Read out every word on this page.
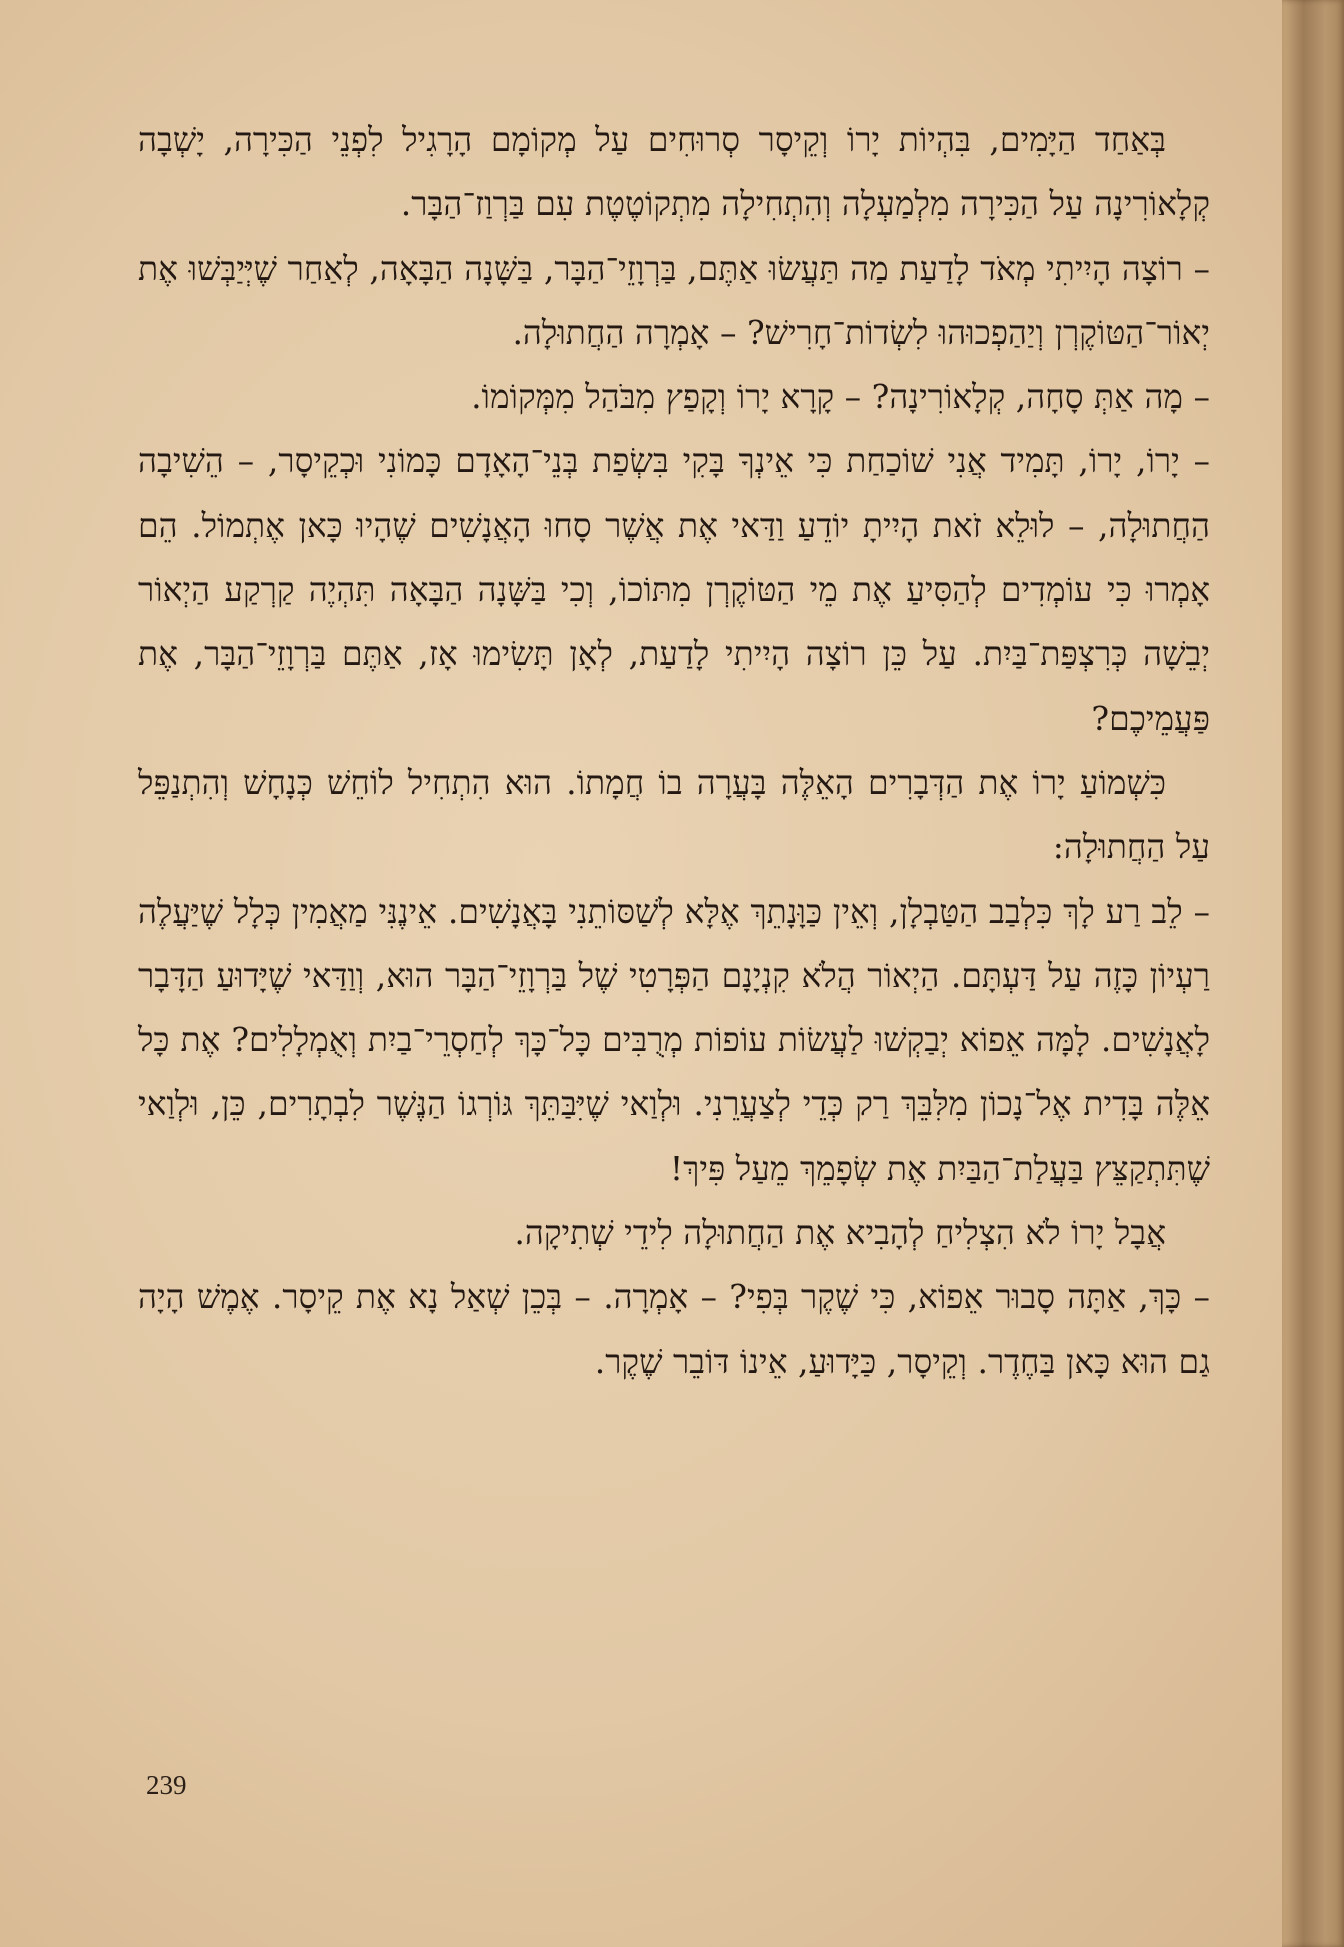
בְּאַחַד הַיָּמִים, בִּהְיוֹת יָרוֹ וְקֵיסָר סְרוּחִים עַל מְקוֹמָם הָרָגִיל לִפְנֵי הַכִּירָה, יָשְׁבָה קְלָאוֹרִינָה עַל הַכִּירָה מִלְמַעְלָה וְהִתְחִילָה מִתְקוֹטֶטֶת עִם בַּרְוַז־הַבָּר.

– רוֹצָה הָיִיתִי מְאֹד לָדַעַת מַה תַּעֲשׂוּ אַתֶּם, בַּרְוָזֵי־הַבָּר, בַּשָּׁנָה הַבָּאָה, לְאַחַר שֶׁיְּיַבְּשׁוּ אֶת יְאוֹר־הַטּוֹקֶרְן וְיַהַפְכוּהוּ לִשְׂדוֹת־חָרִישׁ? – אָמְרָה הַחֲתוּלָה.

– מָה אַתְּ סָחָה, קְלָאוֹרִינָה? – קָרָא יָרוֹ וְקָפַץ מִבֹּהַל מִמְּקוֹמוֹ.

– יָרוֹ, יָרוֹ, תָּמִיד אֲנִי שׁוֹכַחַת כִּי אֵינְךָ בָּקִי בִּשְׂפַת בְּנֵי־הָאָדָם כָּמוֹנִי וּכְקֵיסָר, – הֵשִׁיבָה הַחֲתוּלָה, – לוּלֵא זֹאת הָיִיתָ יוֹדֵעַ וַדַּאי אֶת אֲשֶׁר סָחוּ הָאֲנָשִׁים שֶׁהָיוּ כָּאן אֶתְמוֹל. הֵם אָמְרוּ כִּי עוֹמְדִים לְהַסִּיעַ אֶת מֵי הַטּוֹקֶרְן מִתּוֹכוֹ, וְכִי בַּשָּׁנָה הַבָּאָה תִּהְיֶה קַרְקַע הַיְאוֹר יְבֵשָׁה כְּרִצְפַּת־בַּיִת. עַל כֵּן רוֹצָה הָיִיתִי לָדַעַת, לְאָן תָּשִׂימוּ אָז, אַתֶּם בַּרְוָזֵי־הַבָּר, אֶת פַּעֲמֵיכֶם?

כִּשְׁמוֹעַ יָרוֹ אֶת הַדְּבָרִים הָאֵלֶּה בָּעֲרָה בוֹ חֲמָתוֹ. הוּא הִתְחִיל לוֹחֵשׁ כְּנָחָשׁ וְהִתְנַפֵּל עַל הַחֲתוּלָה:

– לֵב רַע לָךְ כִּלְבַב הַטַּבְלָן, וְאֵין כַּוָּנָתֵךְ אֶלָּא לְשַׁסּוֹתֵנִי בָּאֲנָשִׁים. אֵינֶנִּי מַאֲמִין כְּלָל שֶׁיַּעֲלֶה רַעְיוֹן כָּזֶה עַל דַּעְתָּם. הַיְאוֹר הֲלֹא קִנְיָנָם הַפְּרָטִי שֶׁל בַּרְוָזֵי־הַבָּר הוּא, וְוַדַּאי שֶׁיָּדוּעַ הַדָּבָר לָאֲנָשִׁים. לָמָּה אֵפוֹא יְבַקְשׁוּ לַעֲשׂוֹת עוֹפוֹת מְרֻבִּים כָּל־כָּךְ לְחַסְרֵי־בַיִת וְאֻמְלָלִים? אֶת כָּל אֵלֶּה בָּדִית אֶל־נָכוֹן מִלִּבֵּךְ רַק כְּדֵי לְצַעֲרֵנִי. וּלְוַאי שֶׁיִּבַּתֵּךְ גּוֹרְגוֹ הַנֶּשֶׁר לִבְתָרִים, כֵּן, וּלְוַאי שֶׁתִּתְקַצֵּץ בַּעֲלַת־הַבַּיִת אֶת שְׂפָמֵךְ מֵעַל פִּיךְ!

אֲבָל יָרוֹ לֹא הִצְלִיחַ לְהָבִיא אֶת הַחֲתוּלָה לִידֵי שְׁתִיקָה.

– כָּךְ, אַתָּה סָבוּר אֵפוֹא, כִּי שֶׁקֶר בְּפִי? – אָמְרָה. – בְּכֵן שְׁאַל נָא אֶת קֵיסָר. אֶמֶשׁ הָיָה גַם הוּא כָּאן בַּחֶדֶר. וְקֵיסָר, כַּיָּדוּעַ, אֵינוֹ דּוֹבֵר שֶׁקֶר.

239
